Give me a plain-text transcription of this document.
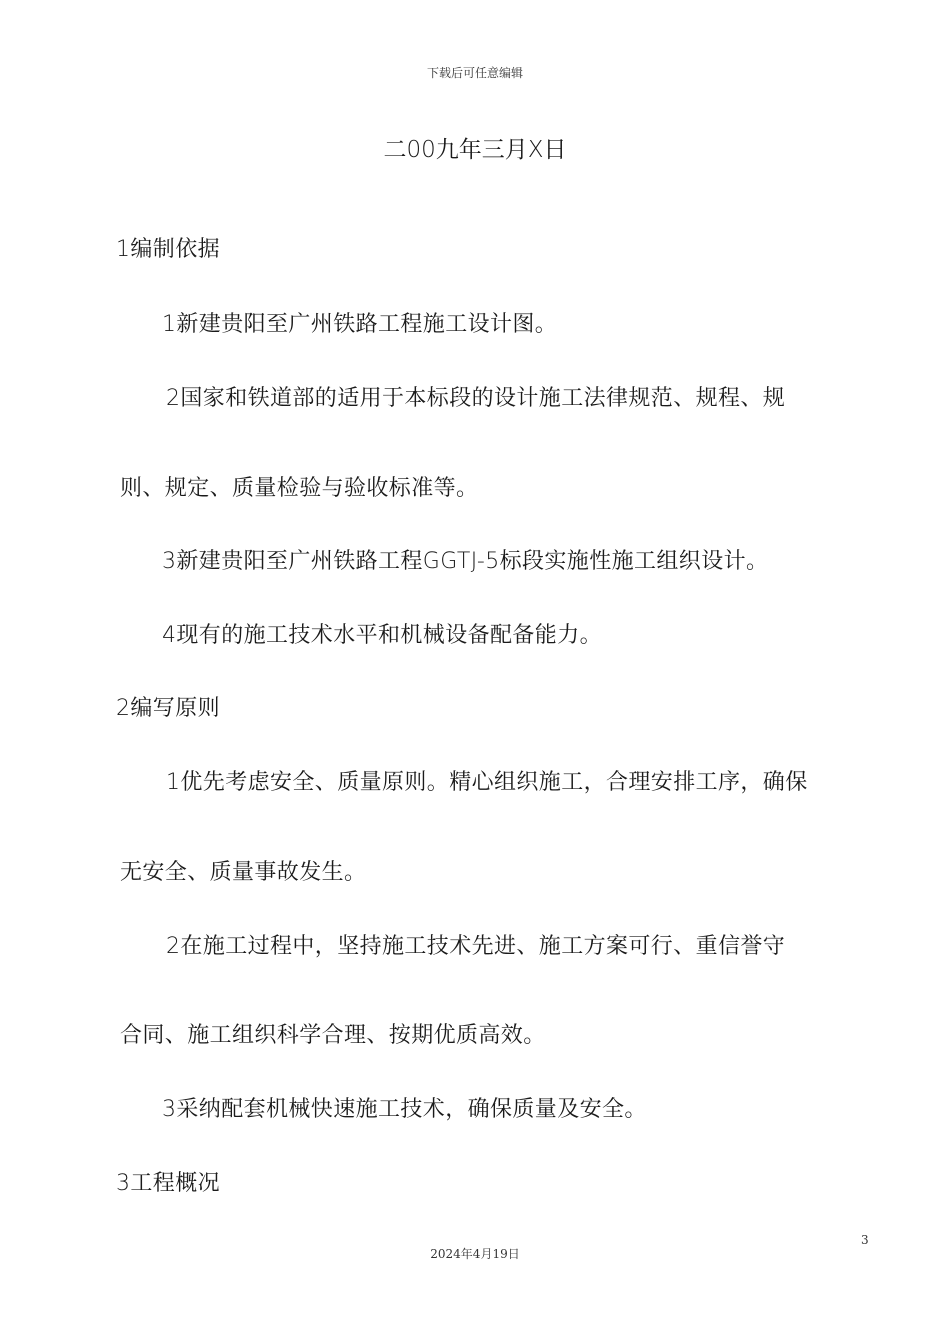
下载后可任意编辑
二00九年三月X日
1编制依据
1新建贵阳至广州铁路工程施工设计图。
2国家和铁道部的适用于本标段的设计施工法律规范、规程、规
则、规定、质量检验与验收标准等。
3新建贵阳至广州铁路工程GGTJ-5标段实施性施工组织设计。
4现有的施工技术水平和机械设备配备能力。
2编写原则
1优先考虑安全、质量原则。精心组织施工，合理安排工序，确保
无安全、质量事故发生。
2在施工过程中，坚持施工技术先进、施工方案可行、重信誉守
合同、施工组织科学合理、按期优质高效。
3采纳配套机械快速施工技术，确保质量及安全。
3工程概况
3
2024年4月19日
